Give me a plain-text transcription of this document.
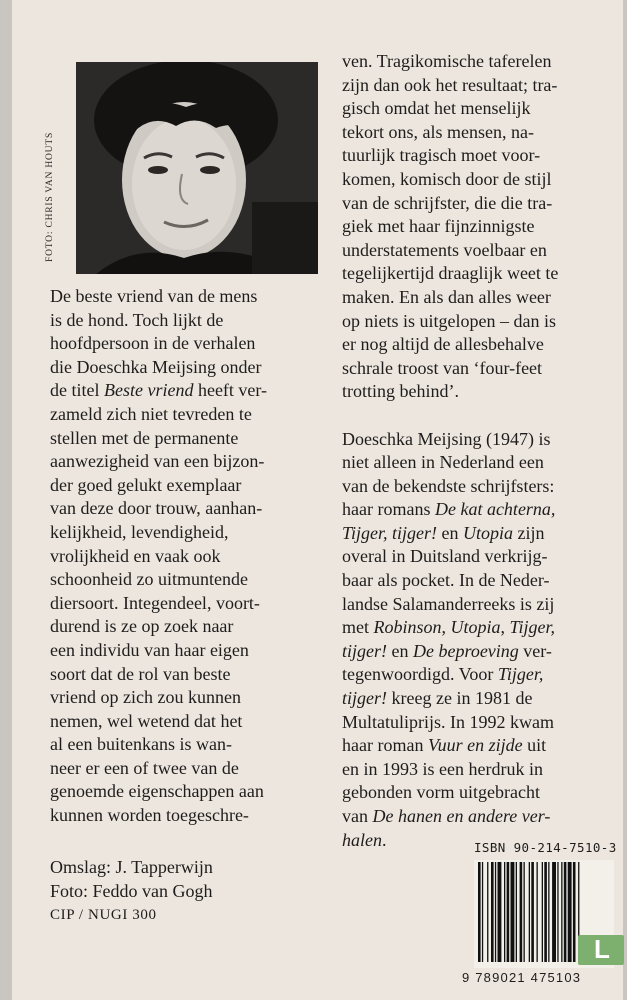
FOTO: CHRIS VAN HOUTS
De beste vriend van de mens
is de hond. Toch lijkt de
hoofdpersoon in de verhalen
die Doeschka Meijsing onder
de titel Beste vriend heeft ver-
zameld zich niet tevreden te
stellen met de permanente
aanwezigheid van een bijzon-
der goed gelukt exemplaar
van deze door trouw, aanhan-
kelijkheid, levendigheid,
vrolijkheid en vaak ook
schoonheid zo uitmuntende
diersoort. Integendeel, voort-
durend is ze op zoek naar
een individu van haar eigen
soort dat de rol van beste
vriend op zich zou kunnen
nemen, wel wetend dat het
al een buitenkans is wan-
neer er een of twee van de
genoemde eigenschappen aan
kunnen worden toegeschre-
ven. Tragikomische taferelen
zijn dan ook het resultaat; tra-
gisch omdat het menselijk
tekort ons, als mensen, na-
tuurlijk tragisch moet voor-
komen, komisch door de stijl
van de schrijfster, die die tra-
giek met haar fijnzinnigste
understatements voelbaar en
tegelijkertijd draaglijk weet te
maken. En als dan alles weer
op niets is uitgelopen – dan is
er nog altijd de allesbehalve
schrale troost van ‘four-feet
trotting behind’.

Doeschka Meijsing (1947) is
niet alleen in Nederland een
van de bekendste schrijfsters:
haar romans De kat achterna,
Tijger, tijger! en Utopia zijn
overal in Duitsland verkrijg-
baar als pocket. In de Neder-
landse Salamanderreeks is zij
met Robinson, Utopia, Tijger,
tijger! en De beproeving ver-
tegenwoordigd. Voor Tijger,
tijger! kreeg ze in 1981 de
Multatuliprijs. In 1992 kwam
haar roman Vuur en zijde uit
en in 1993 is een herdruk in
gebonden vorm uitgebracht
van De hanen en andere ver-
halen.
Omslag: J. Tapperwijn
Foto: Feddo van Gogh
CIP / NUGI 300
ISBN 90-214-7510-3
9 789021 475103
L
